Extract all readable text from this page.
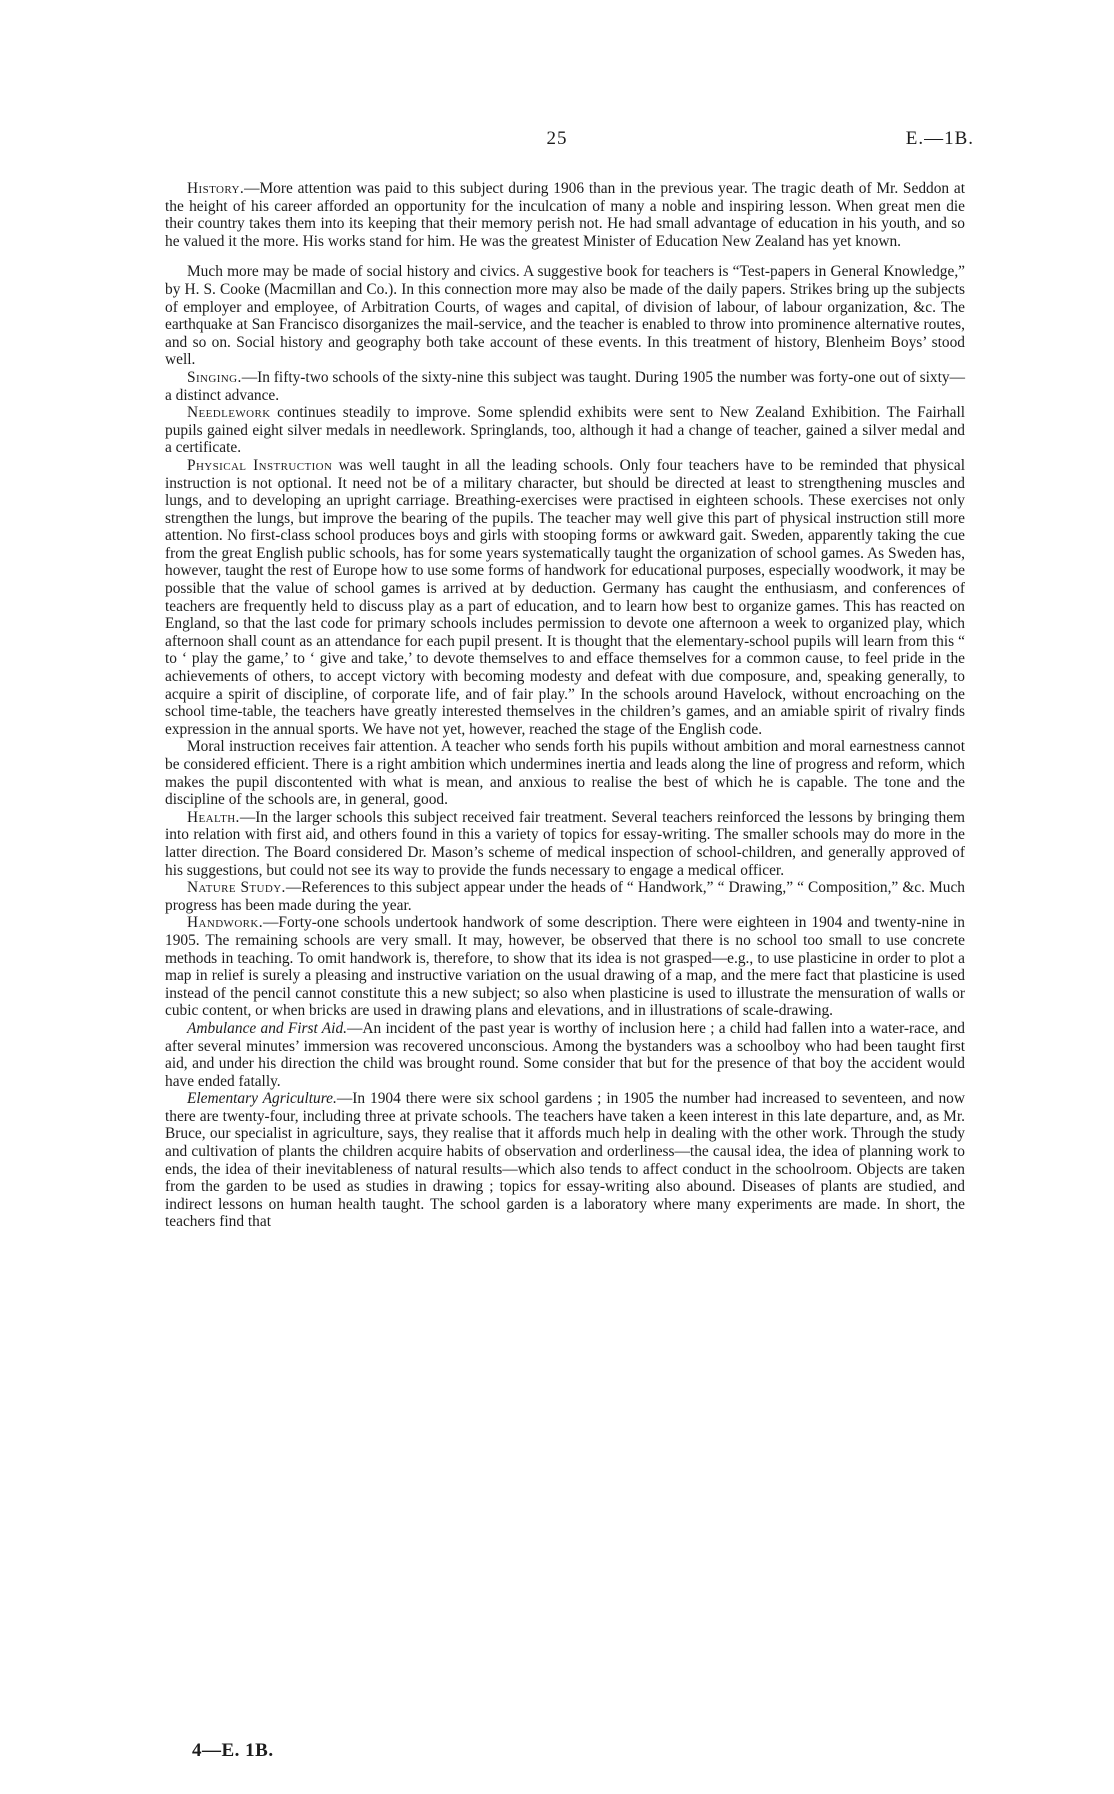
25	E.—1B.

History.—More attention was paid to this subject during 1906 than in the previous year. The tragic death of Mr. Seddon at the height of his career afforded an opportunity for the inculcation of many a noble and inspiring lesson. When great men die their country takes them into its keeping that their memory perish not. He had small advantage of education in his youth, and so he valued it the more. His works stand for him. He was the greatest Minister of Education New Zealand has yet known.

Much more may be made of social history and civics. A suggestive book for teachers is “Test-papers in General Knowledge,” by H. S. Cooke (Macmillan and Co.). In this connection more may also be made of the daily papers. Strikes bring up the subjects of employer and employee, of Arbitration Courts, of wages and capital, of division of labour, of labour organization, &c. The earthquake at San Francisco disorganizes the mail-service, and the teacher is enabled to throw into prominence alternative routes, and so on. Social history and geography both take account of these events. In this treatment of history, Blenheim Boys’ stood well.

Singing.—In fifty-two schools of the sixty-nine this subject was taught. During 1905 the number was forty-one out of sixty—a distinct advance.

Needlework continues steadily to improve. Some splendid exhibits were sent to New Zealand Exhibition. The Fairhall pupils gained eight silver medals in needlework. Springlands, too, although it had a change of teacher, gained a silver medal and a certificate.

Physical Instruction was well taught in all the leading schools. Only four teachers have to be reminded that physical instruction is not optional. It need not be of a military character, but should be directed at least to strengthening muscles and lungs, and to developing an upright carriage. Breathing-exercises were practised in eighteen schools. These exercises not only strengthen the lungs, but improve the bearing of the pupils. The teacher may well give this part of physical instruction still more attention. No first-class school produces boys and girls with stooping forms or awkward gait. Sweden, apparently taking the cue from the great English public schools, has for some years systematically taught the organization of school games. As Sweden has, however, taught the rest of Europe how to use some forms of handwork for educational purposes, especially woodwork, it may be possible that the value of school games is arrived at by deduction. Germany has caught the enthusiasm, and conferences of teachers are frequently held to discuss play as a part of education, and to learn how best to organize games. This has reacted on England, so that the last code for primary schools includes permission to devote one afternoon a week to organized play, which afternoon shall count as an attendance for each pupil present. It is thought that the elementary-school pupils will learn from this “ to ‘ play the game,’ to ‘ give and take,’ to devote themselves to and efface themselves for a common cause, to feel pride in the achievements of others, to accept victory with becoming modesty and defeat with due composure, and, speaking generally, to acquire a spirit of discipline, of corporate life, and of fair play.” In the schools around Havelock, without encroaching on the school time-table, the teachers have greatly interested themselves in the children’s games, and an amiable spirit of rivalry finds expression in the annual sports. We have not yet, however, reached the stage of the English code.

Moral instruction receives fair attention. A teacher who sends forth his pupils without ambition and moral earnestness cannot be considered efficient. There is a right ambition which undermines inertia and leads along the line of progress and reform, which makes the pupil discontented with what is mean, and anxious to realise the best of which he is capable. The tone and the discipline of the schools are, in general, good.

Health.—In the larger schools this subject received fair treatment. Several teachers reinforced the lessons by bringing them into relation with first aid, and others found in this a variety of topics for essay-writing. The smaller schools may do more in the latter direction. The Board considered Dr. Mason’s scheme of medical inspection of school-children, and generally approved of his suggestions, but could not see its way to provide the funds necessary to engage a medical officer.

Nature Study.—References to this subject appear under the heads of “ Handwork,” “ Drawing,” “ Composition,” &c. Much progress has been made during the year.

Handwork.—Forty-one schools undertook handwork of some description. There were eighteen in 1904 and twenty-nine in 1905. The remaining schools are very small. It may, however, be observed that there is no school too small to use concrete methods in teaching. To omit handwork is, therefore, to show that its idea is not grasped—e.g., to use plasticine in order to plot a map in relief is surely a pleasing and instructive variation on the usual drawing of a map, and the mere fact that plasticine is used instead of the pencil cannot constitute this a new subject; so also when plasticine is used to illustrate the mensuration of walls or cubic content, or when bricks are used in drawing plans and elevations, and in illustrations of scale-drawing.

Ambulance and First Aid.—An incident of the past year is worthy of inclusion here ; a child had fallen into a water-race, and after several minutes’ immersion was recovered unconscious. Among the bystanders was a schoolboy who had been taught first aid, and under his direction the child was brought round. Some consider that but for the presence of that boy the accident would have ended fatally.

Elementary Agriculture.—In 1904 there were six school gardens ; in 1905 the number had increased to seventeen, and now there are twenty-four, including three at private schools. The teachers have taken a keen interest in this late departure, and, as Mr. Bruce, our specialist in agriculture, says, they realise that it affords much help in dealing with the other work. Through the study and cultivation of plants the children acquire habits of observation and orderliness—the causal idea, the idea of planning work to ends, the idea of their inevitableness of natural results—which also tends to affect conduct in the schoolroom. Objects are taken from the garden to be used as studies in drawing ; topics for essay-writing also abound. Diseases of plants are studied, and indirect lessons on human health taught. The school garden is a laboratory where many experiments are made. In short, the teachers find that

4—E. 1B.
